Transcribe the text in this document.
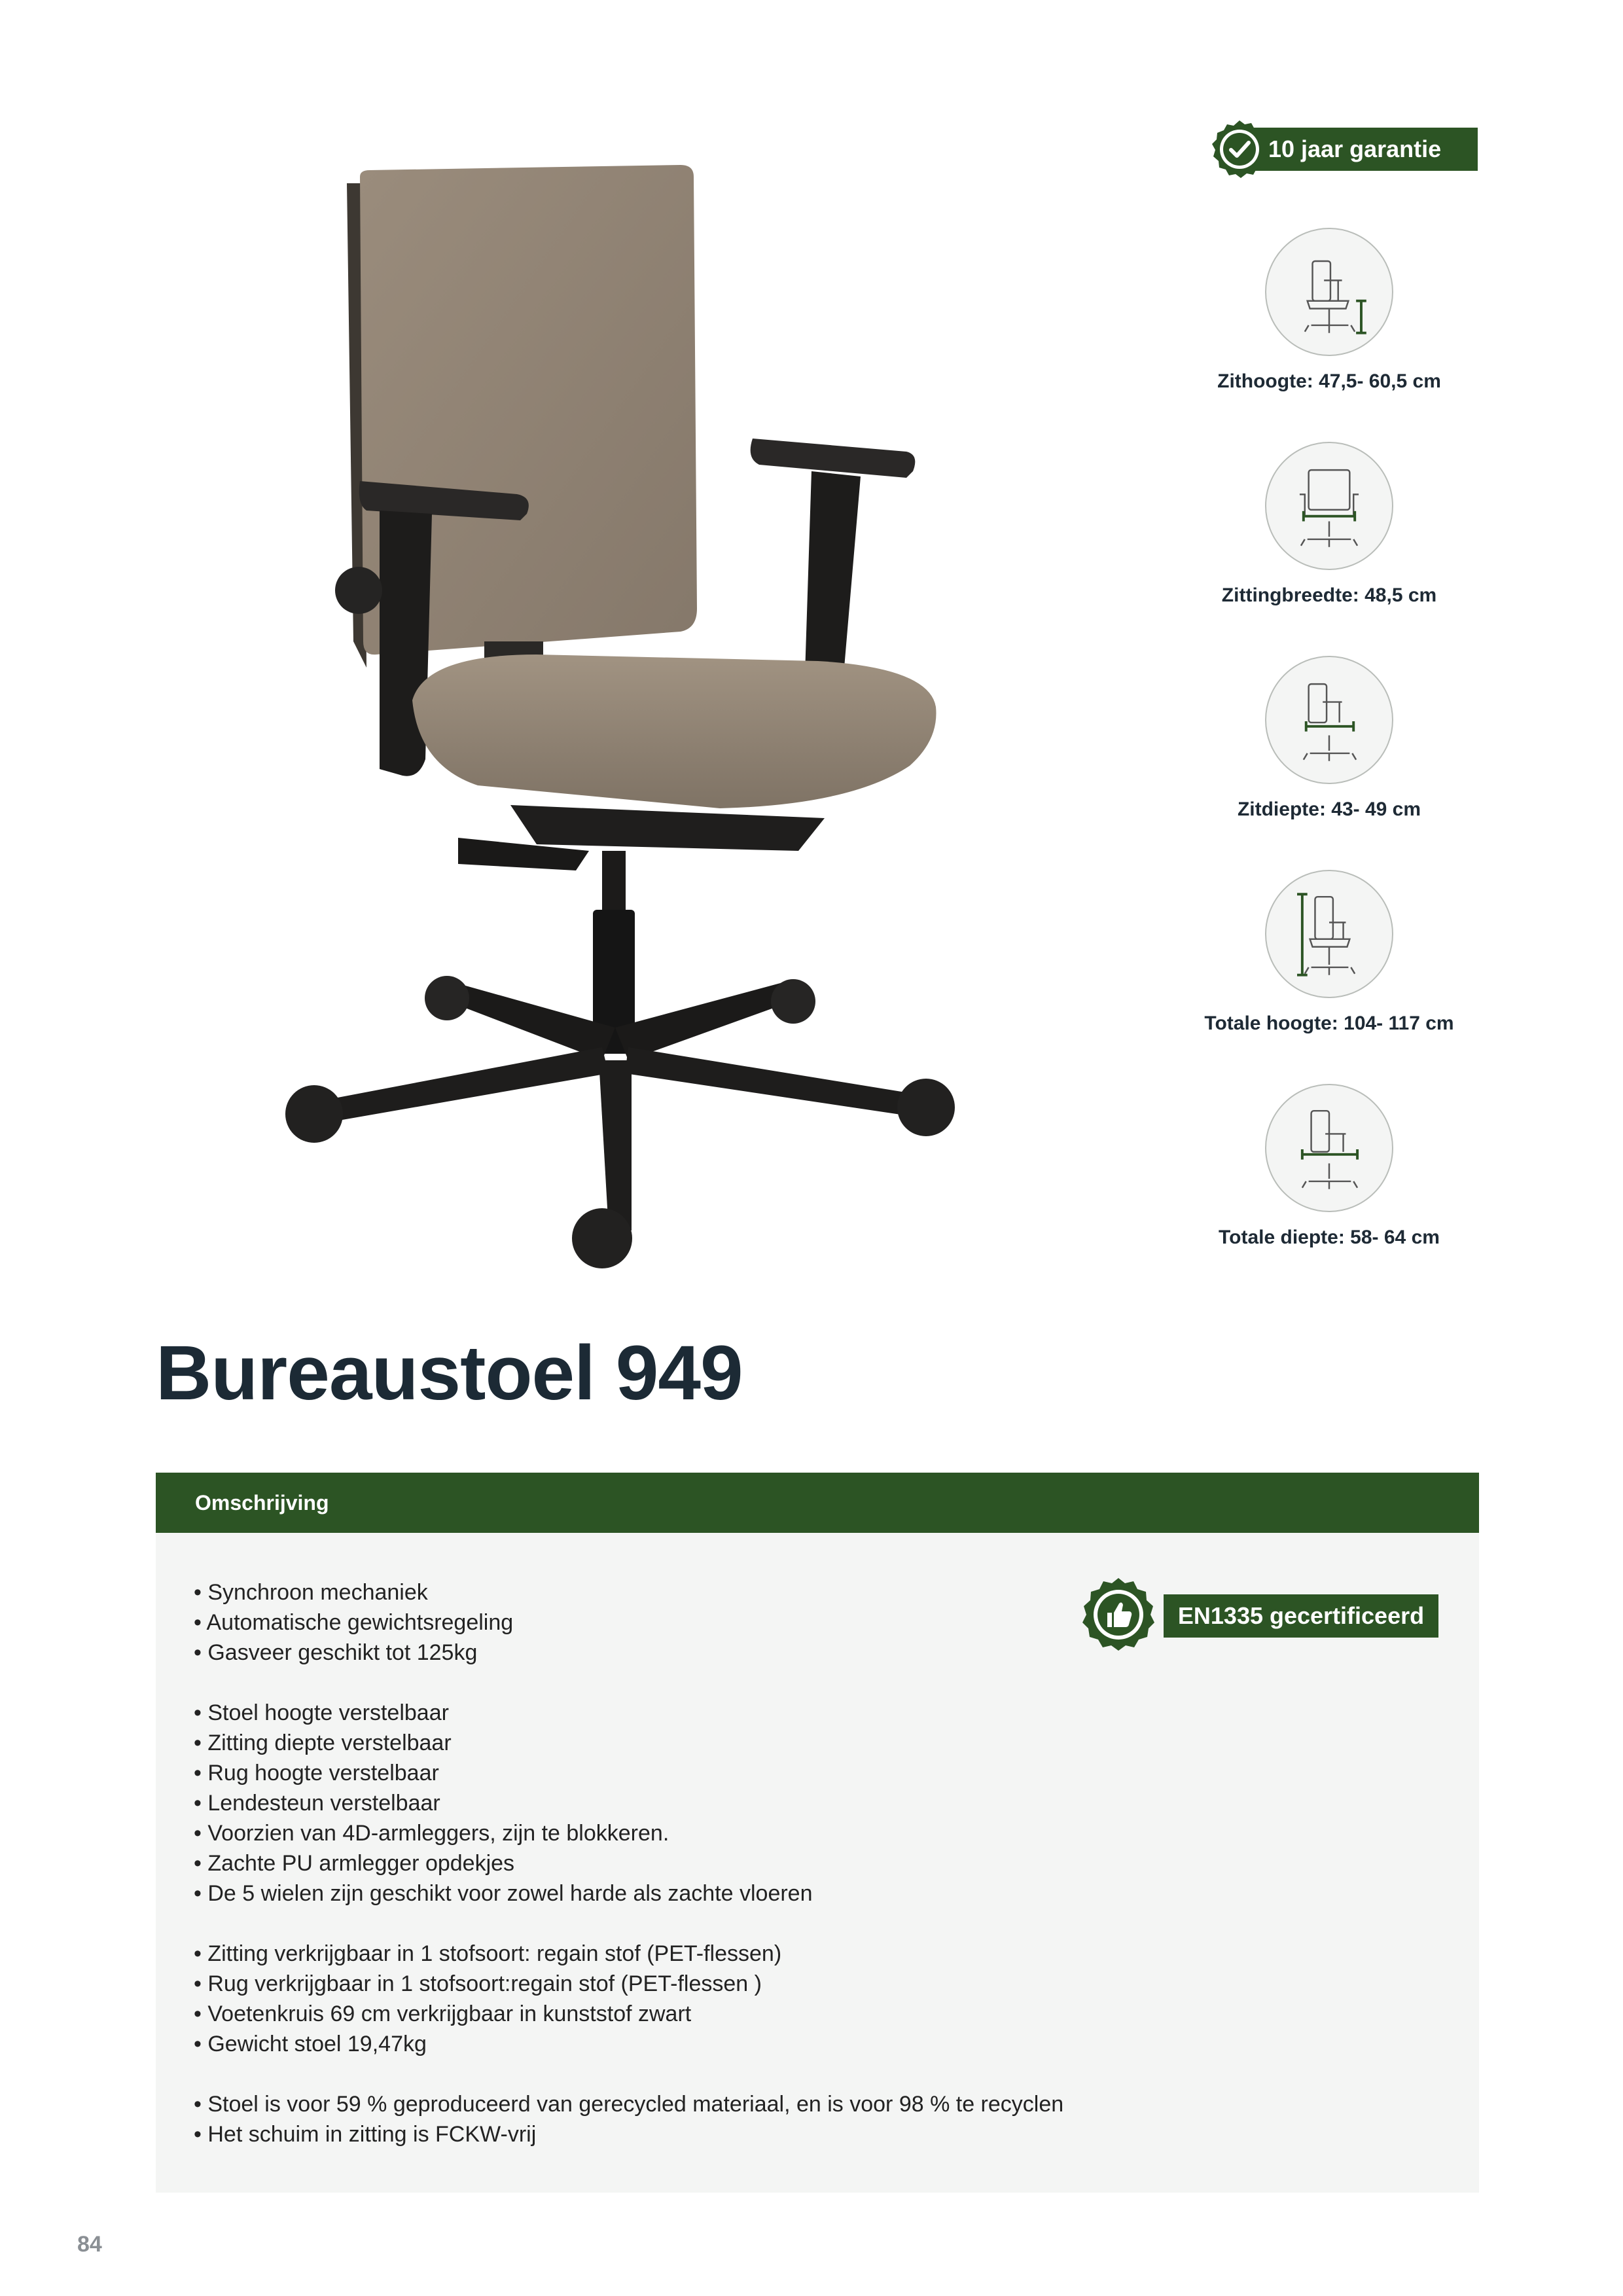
10 jaar garantie
Zithoogte: 47,5- 60,5 cm
Zittingbreedte: 48,5 cm
Zitdiepte: 43- 49 cm
Totale hoogte: 104- 117 cm
Totale diepte: 58- 64 cm
Bureaustoel 949
Omschrijving
• Synchroon mechaniek
• Automatische gewichtsregeling
• Gasveer geschikt tot 125kg
• Stoel hoogte verstelbaar
• Zitting diepte verstelbaar
• Rug hoogte verstelbaar
• Lendesteun verstelbaar
• Voorzien van 4D-armleggers, zijn te blokkeren.
• Zachte PU armlegger opdekjes
• De 5 wielen zijn geschikt voor zowel harde als zachte vloeren
• Zitting verkrijgbaar in 1 stofsoort: regain stof (PET-flessen)
• Rug verkrijgbaar in 1 stofsoort:regain stof (PET-flessen )
• Voetenkruis 69 cm verkrijgbaar in kunststof zwart
• Gewicht stoel 19,47kg
• Stoel is voor 59 % geproduceerd van gerecycled materiaal, en is voor 98 % te recyclen
• Het schuim in zitting is FCKW-vrij
EN1335 gecertificeerd
84
